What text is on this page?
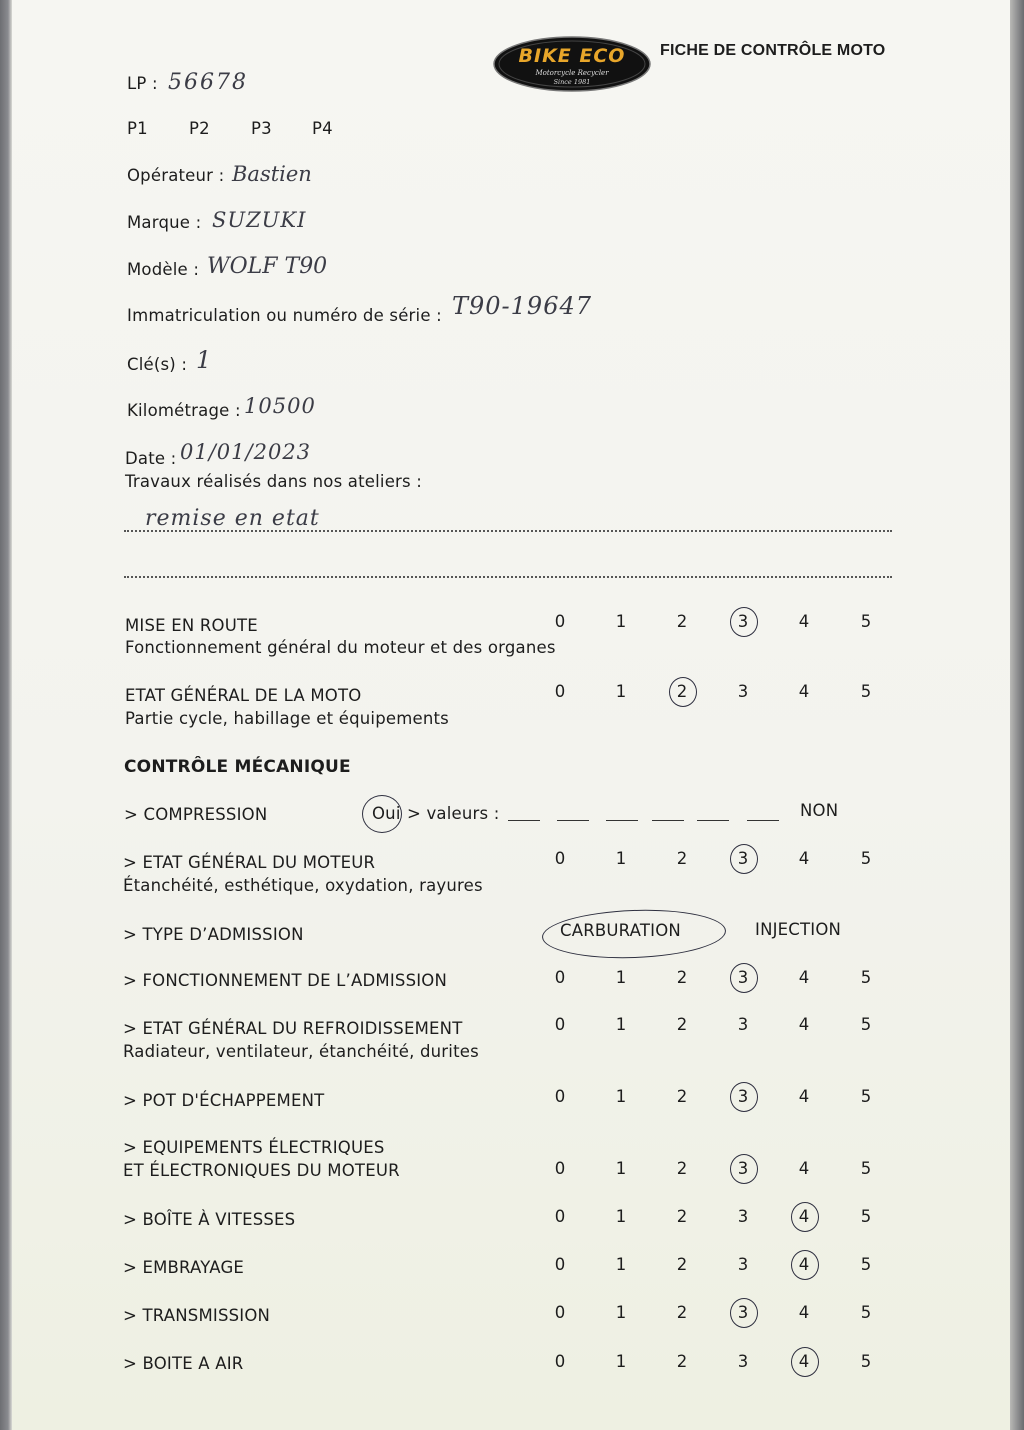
BIKE ECO
Motorcycle Recycler
Since 1981
FICHE DE CONTRÔLE MOTO
LP : 56678
P1 P2 P3 P4
Opérateur : Bastien
Marque : SUZUKI
Modèle : WOLF T90
Immatriculation ou numéro de série : T90-19647
Clé(s) : 1
Kilométrage : 10500
Date : 01/01/2023
Travaux réalisés dans nos ateliers :
remise en etat
MISE EN ROUTE
Fonctionnement général du moteur et des organes
0	1	2	3	4	5
ETAT GÉNÉRAL DE LA MOTO
Partie cycle, habillage et équipements
0	1	2	3	4	5
CONTRÔLE MÉCANIQUE
> COMPRESSION	Oui > valeurs :	NON
> ETAT GÉNÉRAL DU MOTEUR
Étanchéité, esthétique, oxydation, rayures
0	1	2	3	4	5
> TYPE D’ADMISSION	CARBURATION	INJECTION
> FONCTIONNEMENT DE L’ADMISSION	0	1	2	3	4	5
> ETAT GÉNÉRAL DU REFROIDISSEMENT
Radiateur, ventilateur, étanchéité, durites
0	1	2	3	4	5
> POT D'ÉCHAPPEMENT	0	1	2	3	4	5
> EQUIPEMENTS ÉLECTRIQUES
ET ÉLECTRONIQUES DU MOTEUR	0	1	2	3	4	5
> BOÎTE À VITESSES	0	1	2	3	4	5
> EMBRAYAGE	0	1	2	3	4	5
> TRANSMISSION	0	1	2	3	4	5
> BOITE A AIR	0	1	2	3	4	5
